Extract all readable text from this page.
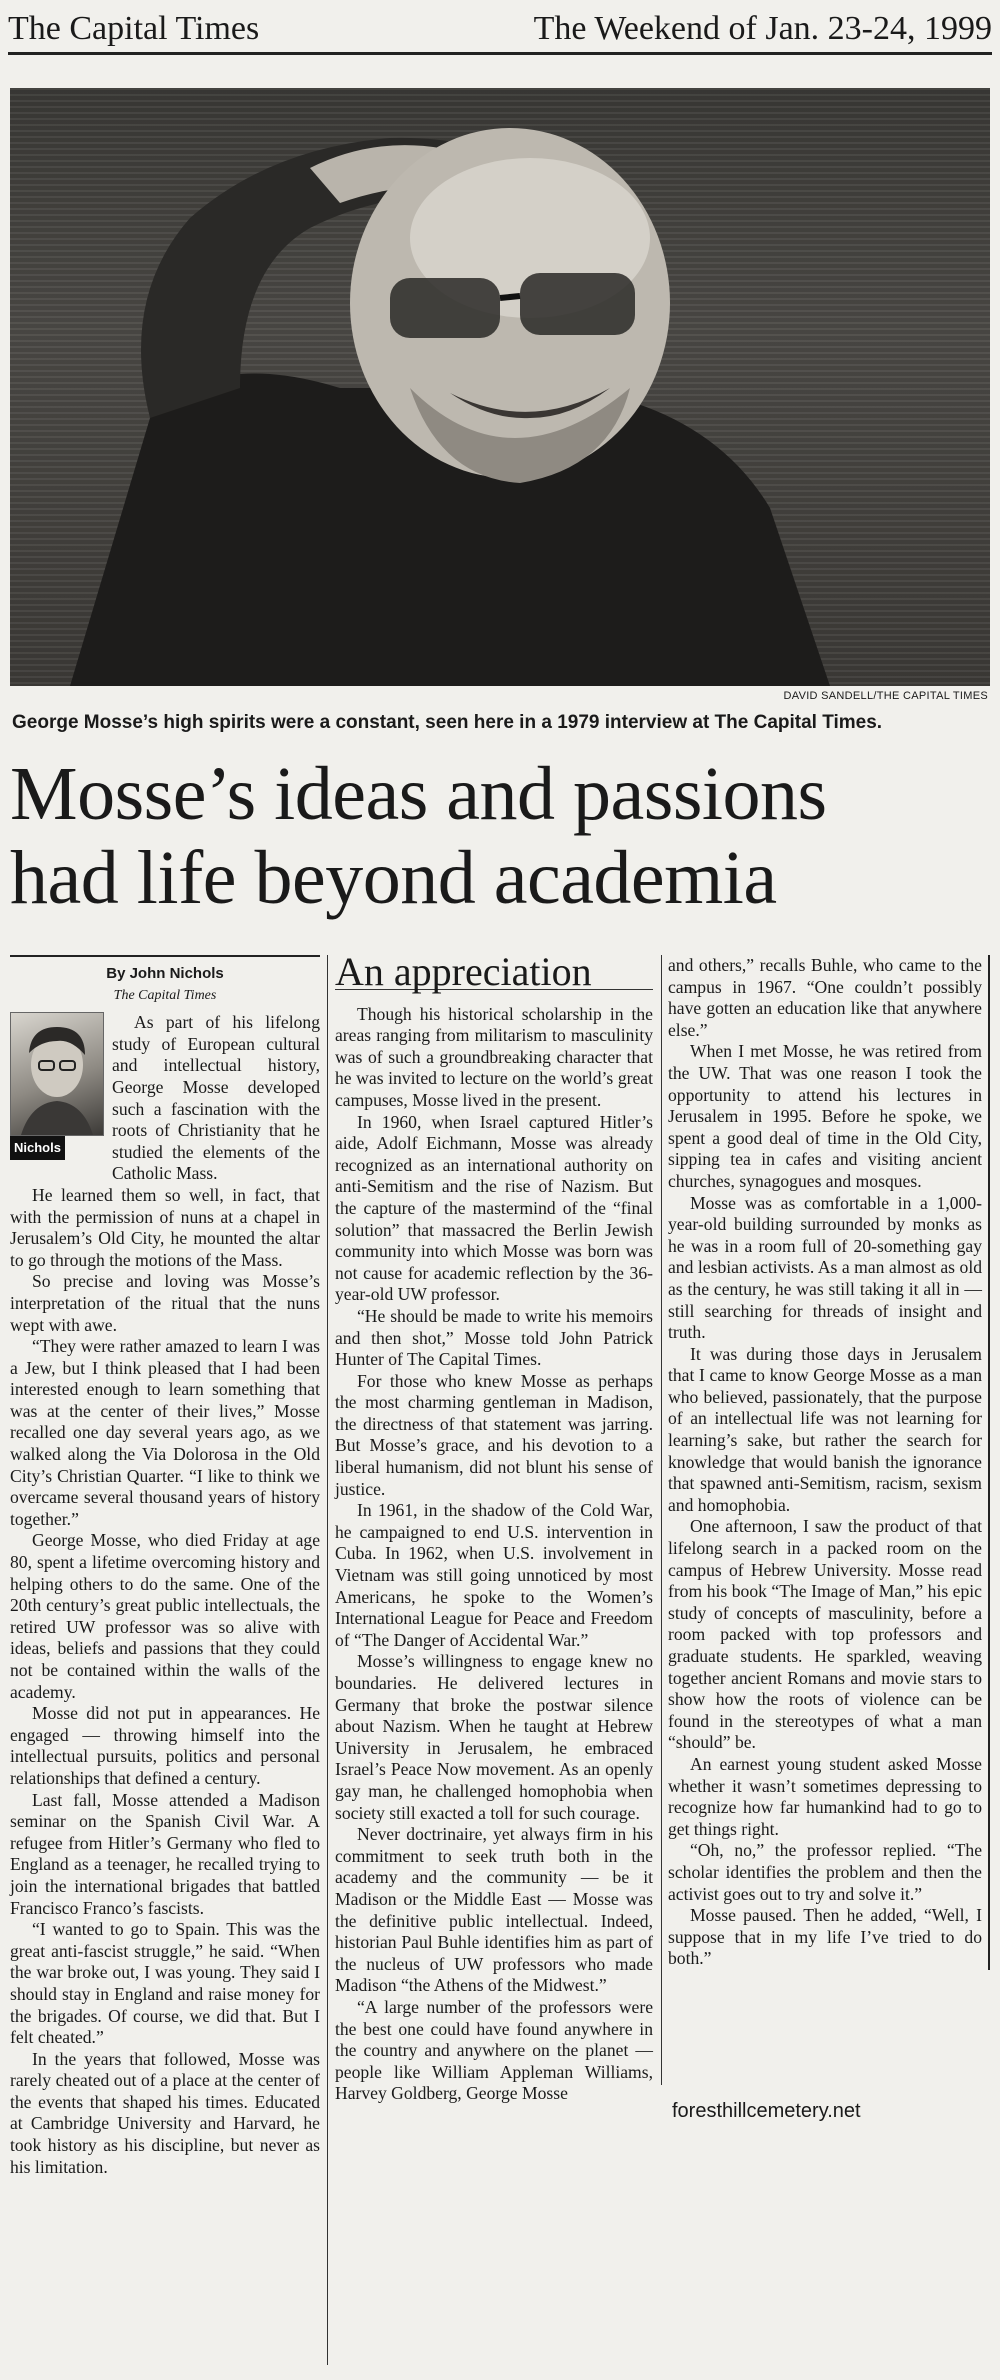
The Capital Times	The Weekend of Jan. 23-24, 1999
DAVID SANDELL/THE CAPITAL TIMES
George Mosse’s high spirits were a constant, seen here in a 1979 interview at The Capital Times.
Mosse’s ideas and passions
had life beyond academia
By John Nichols
The Capital Times
Nichols

As part of his lifelong study of European cultural and intellectual history, George Mosse developed such a fascination with the roots of Christianity that he studied the elements of the Catholic Mass.

He learned them so well, in fact, that with the permission of nuns at a chapel in Jerusalem’s Old City, he mounted the altar to go through the motions of the Mass.

So precise and loving was Mosse’s interpretation of the ritual that the nuns wept with awe.

“They were rather amazed to learn I was a Jew, but I think pleased that I had been interested enough to learn something that was at the center of their lives,” Mosse recalled one day several years ago, as we walked along the Via Dolorosa in the Old City’s Christian Quarter. “I like to think we overcame several thousand years of history together.”

George Mosse, who died Friday at age 80, spent a lifetime overcoming history and helping others to do the same. One of the 20th century’s great public intellectuals, the retired UW professor was so alive with ideas, beliefs and passions that they could not be contained within the walls of the academy.

Mosse did not put in appearances. He engaged — throwing himself into the intellectual pursuits, politics and personal relationships that defined a century.

Last fall, Mosse attended a Madison seminar on the Spanish Civil War. A refugee from Hitler’s Germany who fled to England as a teenager, he recalled trying to join the international brigades that battled Francisco Franco’s fascists.

“I wanted to go to Spain. This was the great anti-fascist struggle,” he said. “When the war broke out, I was young. They said I should stay in England and raise money for the brigades. Of course, we did that. But I felt cheated.”

In the years that followed, Mosse was rarely cheated out of a place at the center of the events that shaped his times. Educated at Cambridge University and Harvard, he took history as his discipline, but never as his limitation.

An appreciation

Though his historical scholarship in the areas ranging from militarism to masculinity was of such a groundbreaking character that he was invited to lecture on the world’s great campuses, Mosse lived in the present.

In 1960, when Israel captured Hitler’s aide, Adolf Eichmann, Mosse was already recognized as an international authority on anti-Semitism and the rise of Nazism. But the capture of the mastermind of the “final solution” that massacred the Berlin Jewish community into which Mosse was born was not cause for academic reflection by the 36-year-old UW professor.

“He should be made to write his memoirs and then shot,” Mosse told John Patrick Hunter of The Capital Times.

For those who knew Mosse as perhaps the most charming gentleman in Madison, the directness of that statement was jarring. But Mosse’s grace, and his devotion to a liberal humanism, did not blunt his sense of justice.

In 1961, in the shadow of the Cold War, he campaigned to end U.S. intervention in Cuba. In 1962, when U.S. involvement in Vietnam was still going unnoticed by most Americans, he spoke to the Women’s International League for Peace and Freedom of “The Danger of Accidental War.”

Mosse’s willingness to engage knew no boundaries. He delivered lectures in Germany that broke the postwar silence about Nazism. When he taught at Hebrew University in Jerusalem, he embraced Israel’s Peace Now movement. As an openly gay man, he challenged homophobia when society still exacted a toll for such courage.

Never doctrinaire, yet always firm in his commitment to seek truth both in the academy and the community — be it Madison or the Middle East — Mosse was the definitive public intellectual. Indeed, historian Paul Buhle identifies him as part of the nucleus of UW professors who made Madison “the Athens of the Midwest.”

“A large number of the professors were the best one could have found anywhere in the country and anywhere on the planet — people like William Appleman Williams, Harvey Goldberg, George Mosse

and others,” recalls Buhle, who came to the campus in 1967. “One couldn’t possibly have gotten an education like that anywhere else.”

When I met Mosse, he was retired from the UW. That was one reason I took the opportunity to attend his lectures in Jerusalem in 1995. Before he spoke, we spent a good deal of time in the Old City, sipping tea in cafes and visiting ancient churches, synagogues and mosques.

Mosse was as comfortable in a 1,000-year-old building surrounded by monks as he was in a room full of 20-something gay and lesbian activists. As a man almost as old as the century, he was still taking it all in — still searching for threads of insight and truth.

It was during those days in Jerusalem that I came to know George Mosse as a man who believed, passionately, that the purpose of an intellectual life was not learning for learning’s sake, but rather the search for knowledge that would banish the ignorance that spawned anti-Semitism, racism, sexism and homophobia.

One afternoon, I saw the product of that lifelong search in a packed room on the campus of Hebrew University. Mosse read from his book “The Image of Man,” his epic study of concepts of masculinity, before a room packed with top professors and graduate students. He sparkled, weaving together ancient Romans and movie stars to show how the roots of violence can be found in the stereotypes of what a man “should” be.

An earnest young student asked Mosse whether it wasn’t sometimes depressing to recognize how far humankind had to go to get things right.

“Oh, no,” the professor replied. “The scholar identifies the problem and then the activist goes out to try and solve it.”

Mosse paused. Then he added, “Well, I suppose that in my life I’ve tried to do both.”

foresthillcemetery.net
